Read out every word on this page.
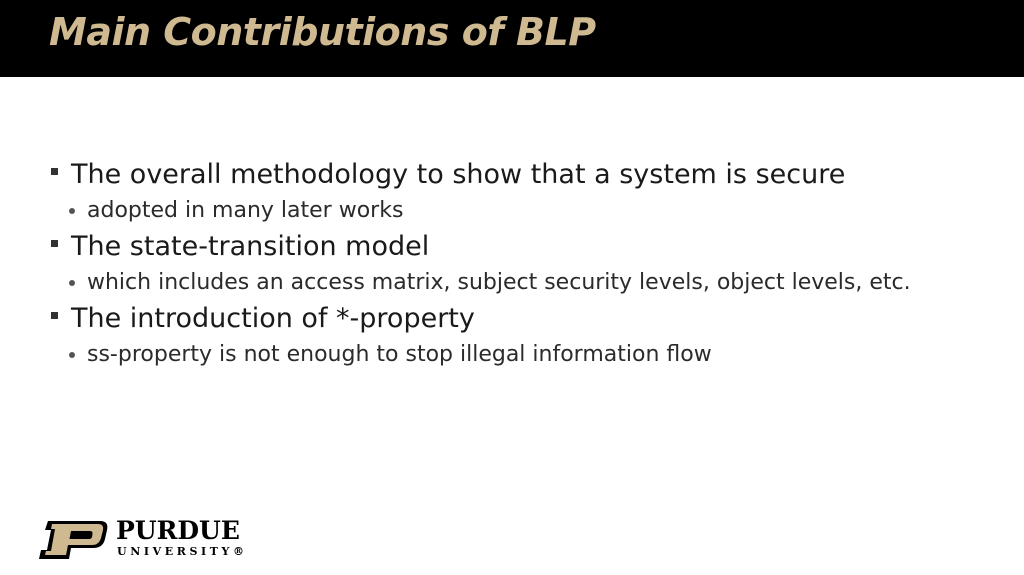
Main Contributions of BLP
The overall methodology to show that a system is secure
adopted in many later works
The state-transition model
which includes an access matrix, subject security levels, object levels, etc.
The introduction of *-property
ss-property is not enough to stop illegal information flow
PURDUE
UNIVERSITY®
